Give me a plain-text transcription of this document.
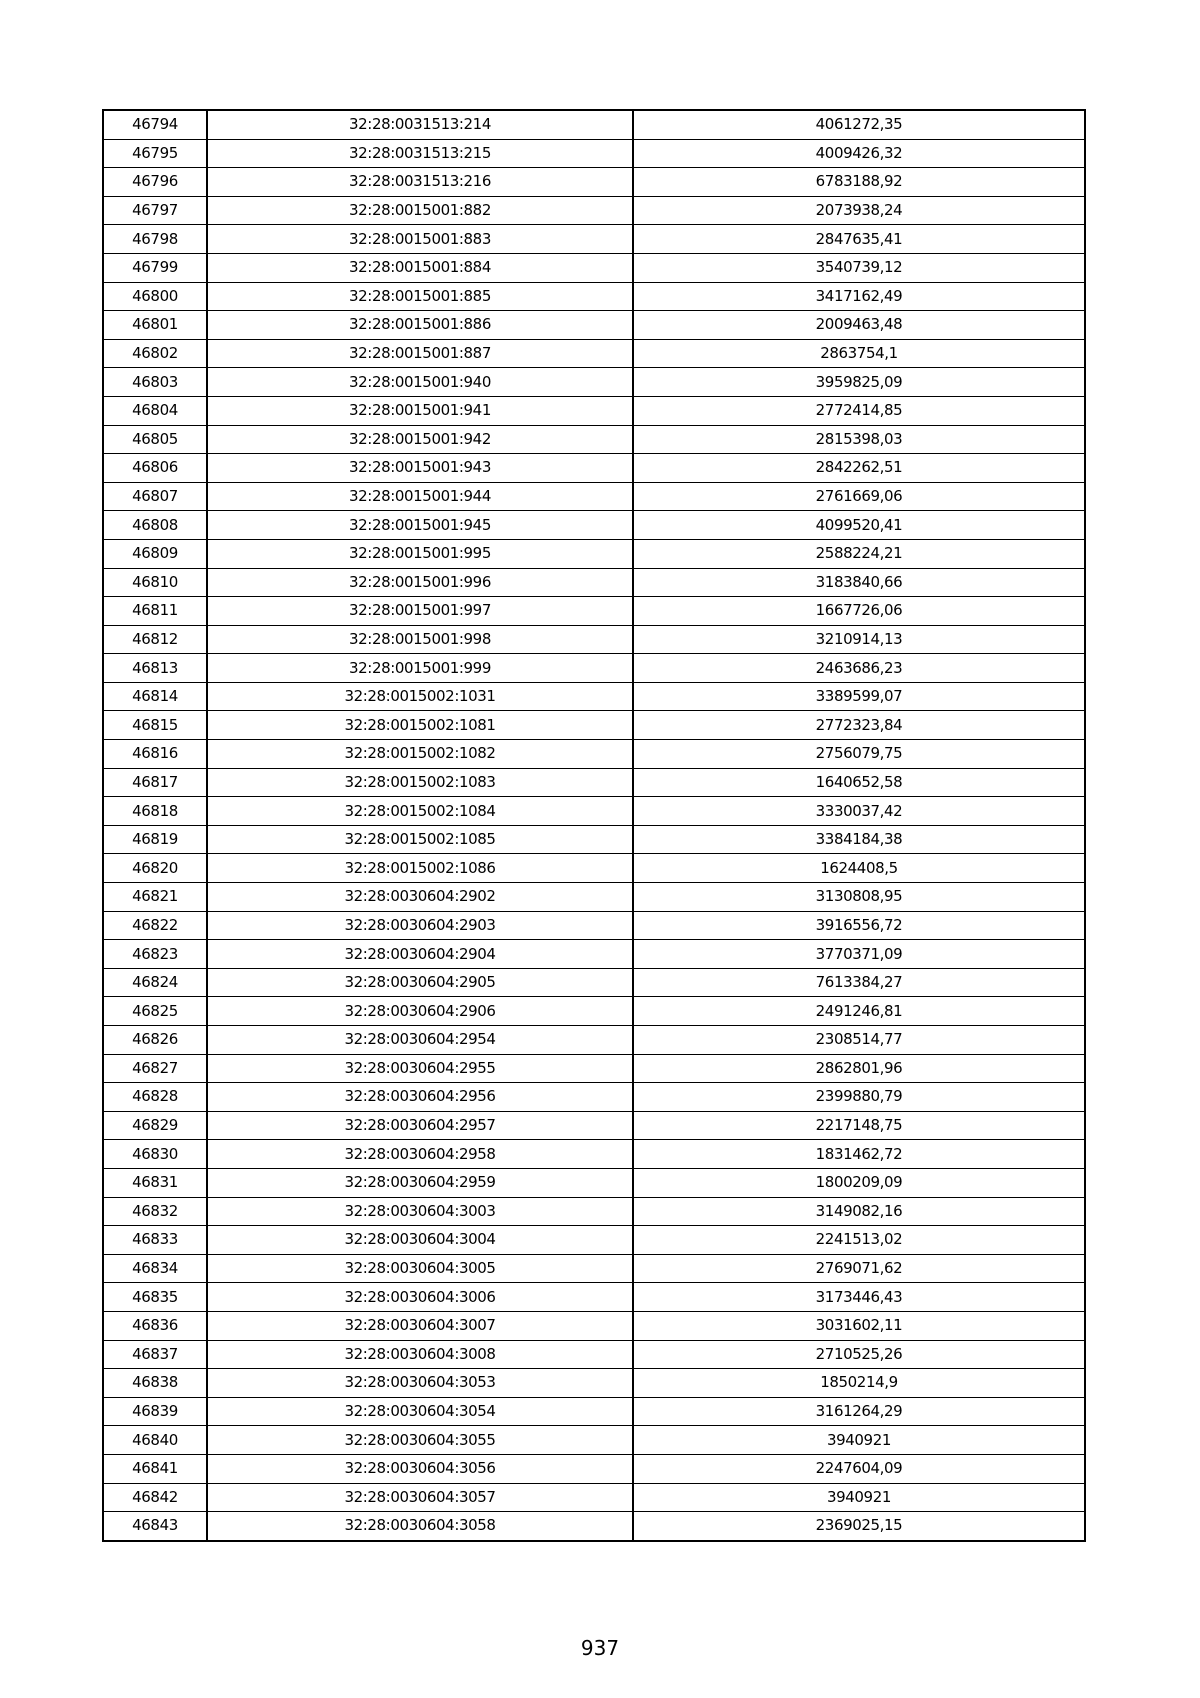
46794	32:28:0031513:214	4061272,35
46795	32:28:0031513:215	4009426,32
46796	32:28:0031513:216	6783188,92
46797	32:28:0015001:882	2073938,24
46798	32:28:0015001:883	2847635,41
46799	32:28:0015001:884	3540739,12
46800	32:28:0015001:885	3417162,49
46801	32:28:0015001:886	2009463,48
46802	32:28:0015001:887	2863754,1
46803	32:28:0015001:940	3959825,09
46804	32:28:0015001:941	2772414,85
46805	32:28:0015001:942	2815398,03
46806	32:28:0015001:943	2842262,51
46807	32:28:0015001:944	2761669,06
46808	32:28:0015001:945	4099520,41
46809	32:28:0015001:995	2588224,21
46810	32:28:0015001:996	3183840,66
46811	32:28:0015001:997	1667726,06
46812	32:28:0015001:998	3210914,13
46813	32:28:0015001:999	2463686,23
46814	32:28:0015002:1031	3389599,07
46815	32:28:0015002:1081	2772323,84
46816	32:28:0015002:1082	2756079,75
46817	32:28:0015002:1083	1640652,58
46818	32:28:0015002:1084	3330037,42
46819	32:28:0015002:1085	3384184,38
46820	32:28:0015002:1086	1624408,5
46821	32:28:0030604:2902	3130808,95
46822	32:28:0030604:2903	3916556,72
46823	32:28:0030604:2904	3770371,09
46824	32:28:0030604:2905	7613384,27
46825	32:28:0030604:2906	2491246,81
46826	32:28:0030604:2954	2308514,77
46827	32:28:0030604:2955	2862801,96
46828	32:28:0030604:2956	2399880,79
46829	32:28:0030604:2957	2217148,75
46830	32:28:0030604:2958	1831462,72
46831	32:28:0030604:2959	1800209,09
46832	32:28:0030604:3003	3149082,16
46833	32:28:0030604:3004	2241513,02
46834	32:28:0030604:3005	2769071,62
46835	32:28:0030604:3006	3173446,43
46836	32:28:0030604:3007	3031602,11
46837	32:28:0030604:3008	2710525,26
46838	32:28:0030604:3053	1850214,9
46839	32:28:0030604:3054	3161264,29
46840	32:28:0030604:3055	3940921
46841	32:28:0030604:3056	2247604,09
46842	32:28:0030604:3057	3940921
46843	32:28:0030604:3058	2369025,15
937
